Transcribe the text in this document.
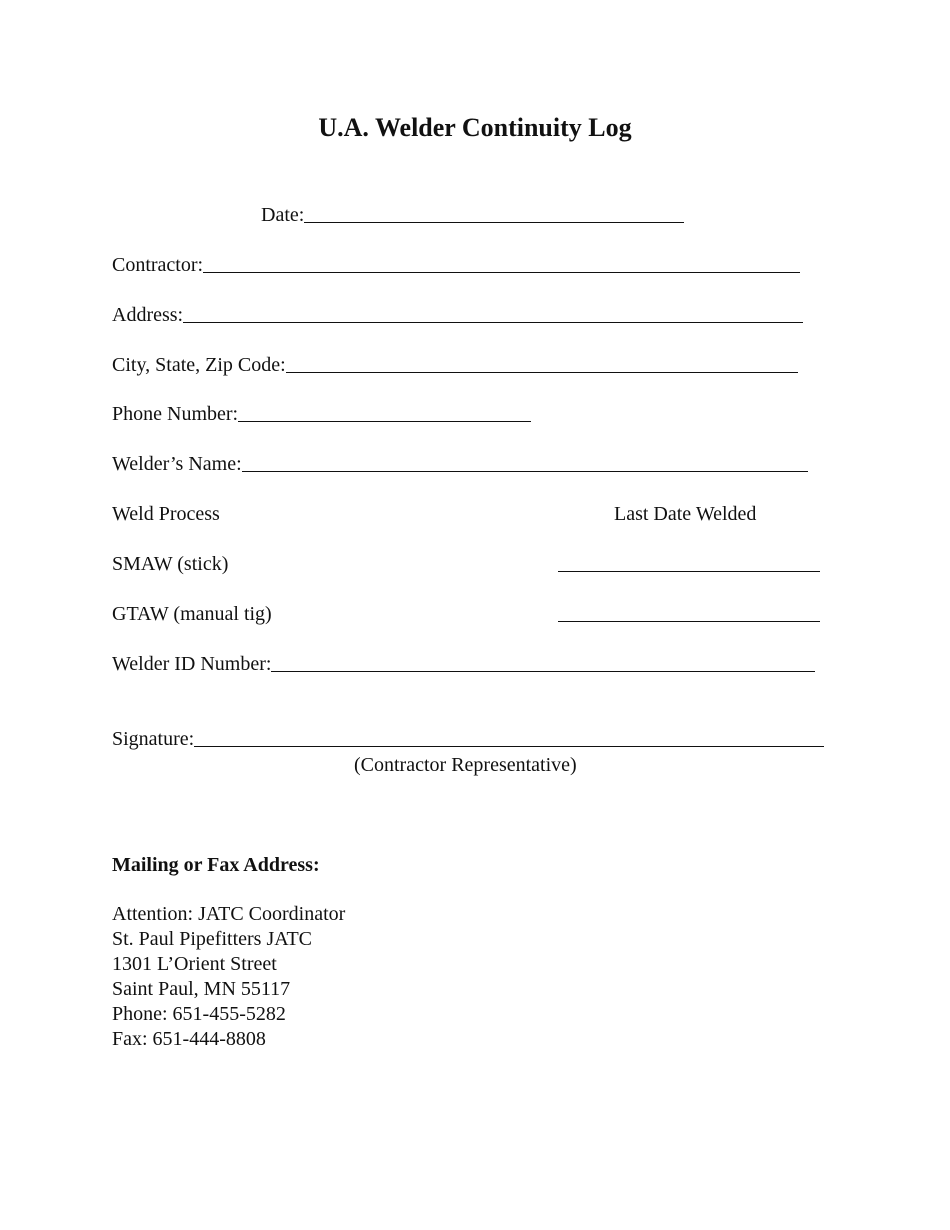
U.A. Welder Continuity Log
Date:
Contractor:
Address:
City, State, Zip Code:
Phone Number:
Welder’s Name:
Weld Process	Last Date Welded
SMAW (stick)
GTAW (manual tig)
Welder ID Number:
Signature:
(Contractor Representative)
Mailing or Fax Address:
Attention: JATC Coordinator
St. Paul Pipefitters JATC
1301 L’Orient Street
Saint Paul, MN 55117
Phone: 651-455-5282
Fax: 651-444-8808
